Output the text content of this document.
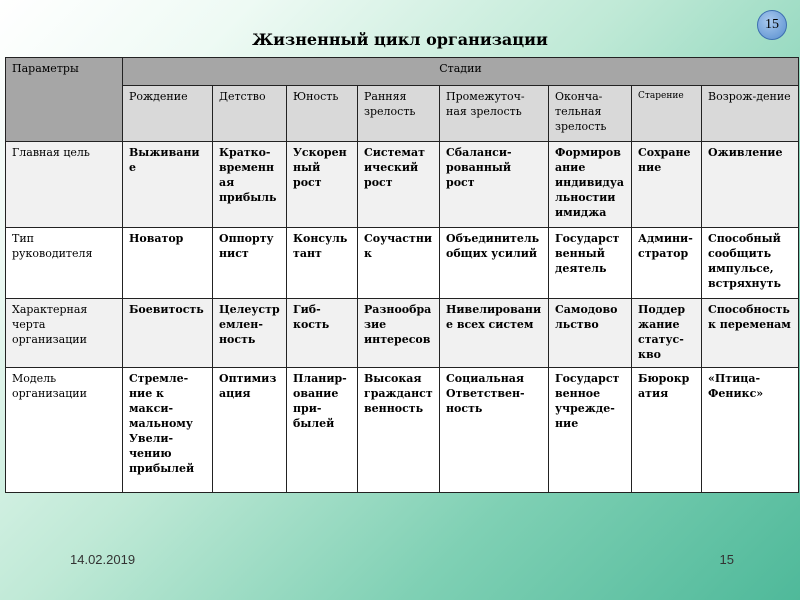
Жизненный цикл организации
15
Параметры	Стадии							
	Рождение	Детство	Юность	Ранняя зрелость	Промежуточ-ная зрелость	Оконча-тельная зрелость	Старение	Возрож-дение
Главная цель	Выживание	Кратко-временная прибыль	Ускоренный рост	Систематический рост	Сбаланси-рованный рост	Формирование индивидуальностии имиджа	Сохранение	Оживление
Тип руководителя	Новатор	Оппортунист	Консуль тант	Соучастник	Объединитель общих усилий	Государственный деятель	Админи-стратор	Способный сообщить импульсе, встряхнуть
Характерная черта организации	Боевитость	Целеустремлен-ность	Гиб-кость	Разнообразие интересов	Нивелирование всех систем	Самодовольство	Поддержание статус-кво	Способность к переменам
Модель организации	Стремле-ние к макси-мальному Увели-чению прибылей	Оптимизация	Планир-ование при-былей	Высокая гражданственность	Социальная Ответствен-ность	Государственное учрежде-ние	Бюрократия	«Птица-Феникс»
14.02.2019	15
